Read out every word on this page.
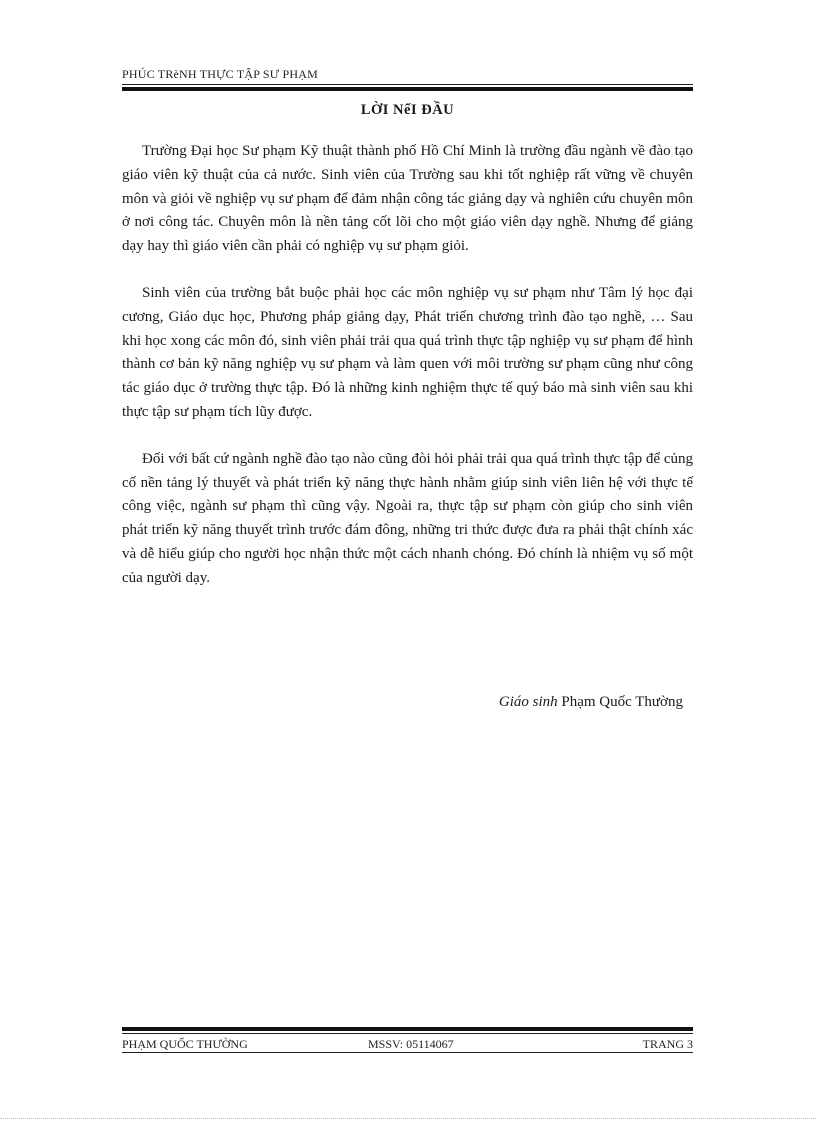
PHÚC TRèNH THỰC TẬP SƯ PHẠM
LỜI NểI ĐẦU

Trường Đại học Sư phạm Kỹ thuật thành phố Hồ Chí Minh là trường đầu ngành về đào tạo giáo viên kỹ thuật của cả nước. Sinh viên của Trường sau khi tốt nghiệp rất vững về chuyên môn và giỏi về nghiệp vụ sư phạm để đảm nhận công tác giảng dạy và nghiên cứu chuyên môn ở nơi công tác. Chuyên môn là nền tảng cốt lõi cho một giáo viên dạy nghề. Nhưng để giảng dạy hay thì giáo viên cần phải có nghiệp vụ sư phạm giỏi.

Sinh viên của trường bắt buộc phải học các môn nghiệp vụ sư phạm như Tâm lý học đại cương, Giáo dục học, Phương pháp giảng dạy, Phát triển chương trình đào tạo nghề, … Sau khi học xong các môn đó, sinh viên phải trải qua quá trình thực tập nghiệp vụ sư phạm để hình thành cơ bản kỹ năng nghiệp vụ sư phạm và làm quen với môi trường sư phạm cũng như công tác giáo dục ở trường thực tập. Đó là những kinh nghiệm thực tế quý báo mà sinh viên sau khi thực tập sư phạm tích lũy được.

Đối với bất cứ ngành nghề đào tạo nào cũng đòi hỏi phải trải qua quá trình thực tập để củng cố nền tảng lý thuyết và phát triển kỹ năng thực hành nhằm giúp sinh viên liên hệ với thực tế công việc, ngành sư phạm thì cũng vậy. Ngoài ra, thực tập sư phạm còn giúp cho sinh viên phát triển kỹ năng thuyết trình trước đám đông, những tri thức được đưa ra phải thật chính xác và dễ hiểu giúp cho người học nhận thức một cách nhanh chóng. Đó chính là nhiệm vụ số một của người dạy.

Giáo sinh Phạm Quốc Thường
PHẠM QUỐC THƯỜNG	MSSV: 05114067	TRANG 3
